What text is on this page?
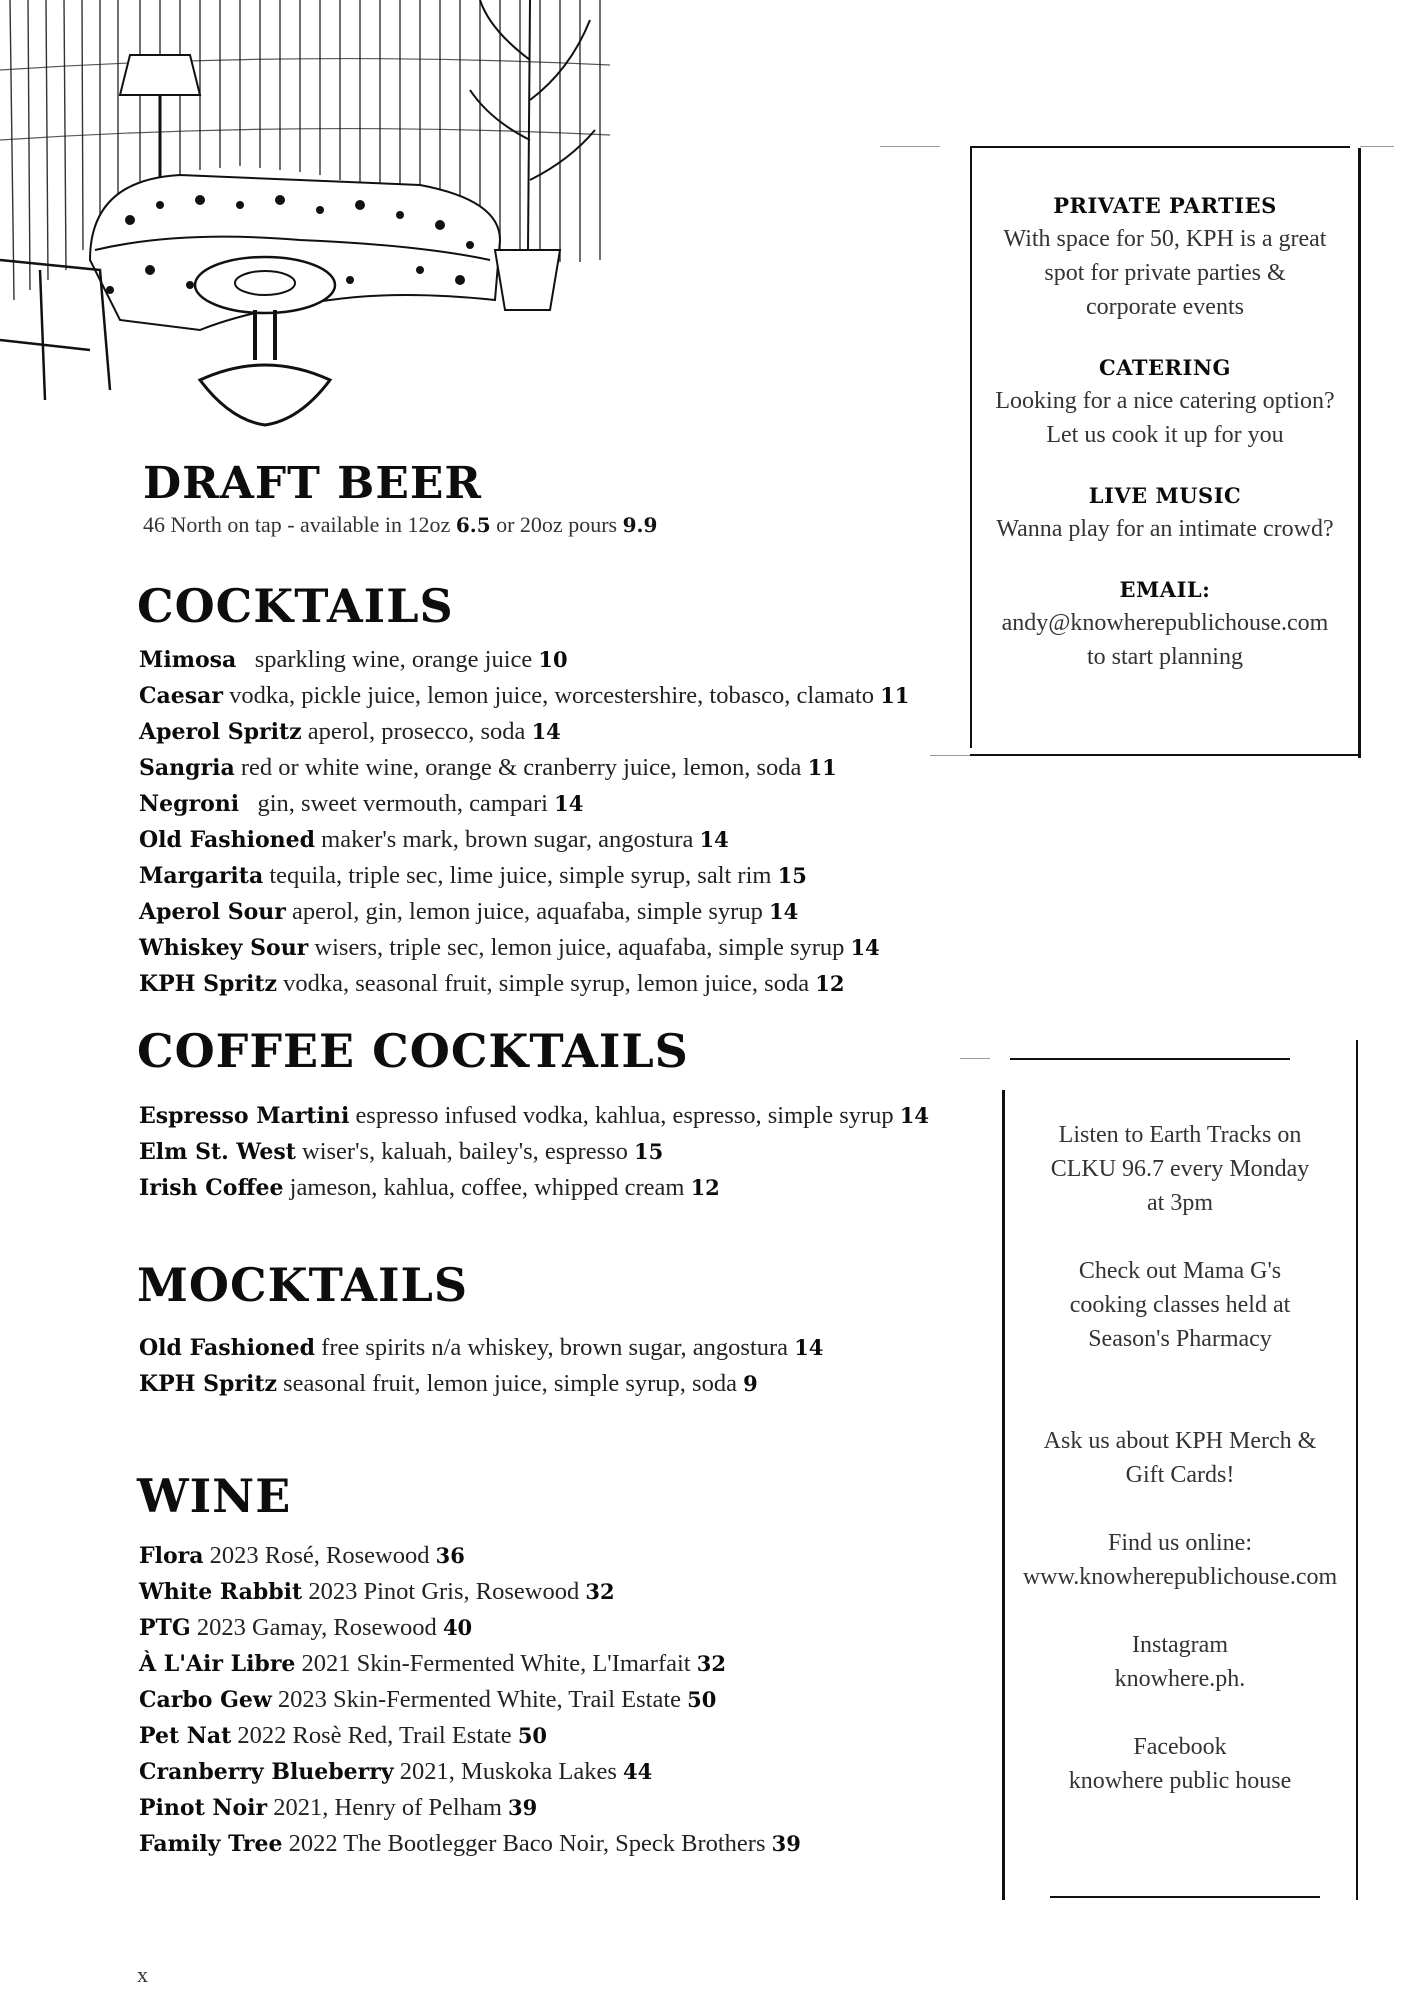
DRAFT BEER
46 North on tap - available in 12oz 6.5 or 20oz pours 9.9
COCKTAILS
Mimosa sparkling wine, orange juice 10
Caesar vodka, pickle juice, lemon juice, worcestershire, tobasco, clamato 11
Aperol Spritz aperol, prosecco, soda 14
Sangria red or white wine, orange & cranberry juice, lemon, soda 11
Negroni gin, sweet vermouth, campari 14
Old Fashioned maker's mark, brown sugar, angostura 14
Margarita tequila, triple sec, lime juice, simple syrup, salt rim 15
Aperol Sour aperol, gin, lemon juice, aquafaba, simple syrup 14
Whiskey Sour wisers, triple sec, lemon juice, aquafaba, simple syrup 14
KPH Spritz vodka, seasonal fruit, simple syrup, lemon juice, soda 12
COFFEE COCKTAILS
Espresso Martini espresso infused vodka, kahlua, espresso, simple syrup 14
Elm St. West wiser's, kaluah, bailey's, espresso 15
Irish Coffee jameson, kahlua, coffee, whipped cream 12
MOCKTAILS
Old Fashioned free spirits n/a whiskey, brown sugar, angostura 14
KPH Spritz seasonal fruit, lemon juice, simple syrup, soda 9
WINE
Flora 2023 Rosé, Rosewood 36
White Rabbit 2023 Pinot Gris, Rosewood 32
PTG 2023 Gamay, Rosewood 40
À L'Air Libre 2021 Skin-Fermented White, L'Imarfait 32
Carbo Gew 2023 Skin-Fermented White, Trail Estate 50
Pet Nat 2022 Rosè Red, Trail Estate 50
Cranberry Blueberry 2021, Muskoka Lakes 44
Pinot Noir 2021, Henry of Pelham 39
Family Tree 2022 The Bootlegger Baco Noir, Speck Brothers 39
PRIVATE PARTIES
With space for 50, KPH is a great
spot for private parties &
corporate events
CATERING
Looking for a nice catering option?
Let us cook it up for you
LIVE MUSIC
Wanna play for an intimate crowd?
EMAIL:
andy@knowherepublichouse.com
to start planning
Listen to Earth Tracks on
CLKU 96.7 every Monday
at 3pm
Check out Mama G's
cooking classes held at
Season's Pharmacy
Ask us about KPH Merch &
Gift Cards!
Find us online:
www.knowherepublichouse.com
Instagram
knowhere.ph.
Facebook
knowhere public house
x
